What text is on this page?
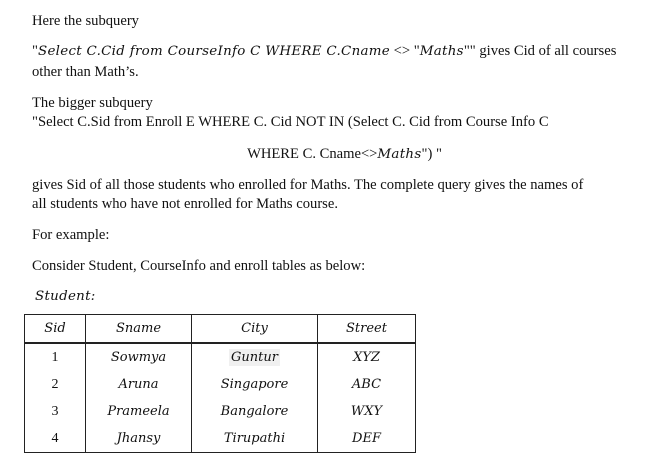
Here the subquery
"Select C.Cid from CourseInfo C WHERE C.Cname <> "Maths"" gives Cid of all courses
other than Math’s.
The bigger subquery
"Select C.Sid from Enroll E WHERE C. Cid NOT IN (Select C. Cid from Course Info C
WHERE C. Cname<>Maths") "
gives Sid of all those students who enrolled for Maths. The complete query gives the names of
all students who have not enrolled for Maths course.
For example:
Consider Student, CourseInfo and enroll tables as below:
Student:
Sid	Sname	City	Street
1	Sowmya	Guntur	XYZ
2	Aruna	Singapore	ABC
3	Prameela	Bangalore	WXY
4	Jhansy	Tirupathi	DEF
